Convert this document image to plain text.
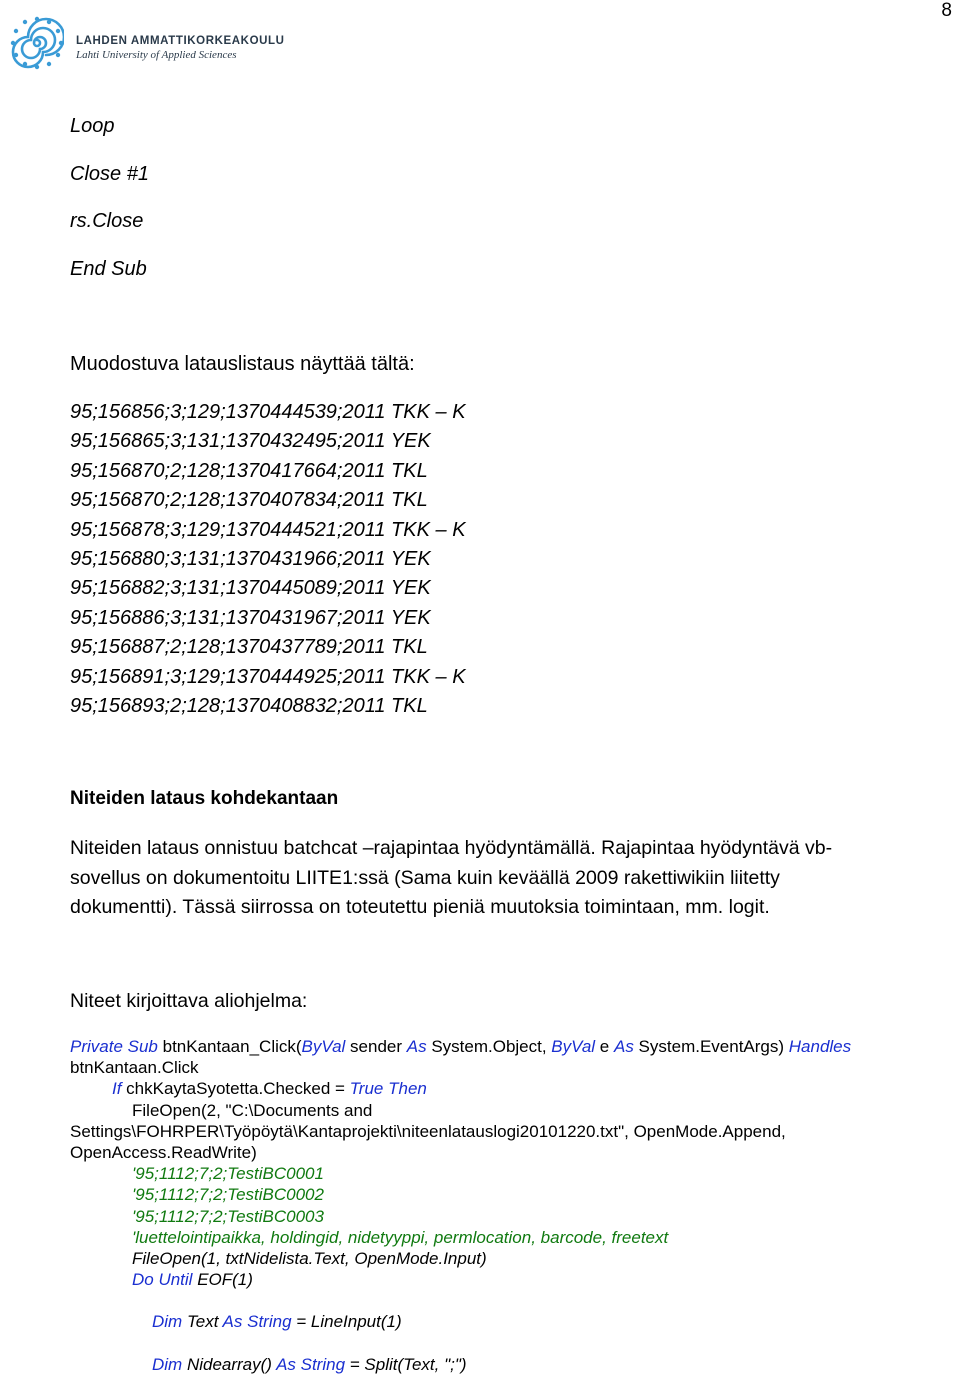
8
LAHDEN AMMATTIKORKEAKOULU
Lahti University of Applied Sciences
Loop
Close #1
rs.Close
End Sub
Muodostuva latauslistaus näyttää tältä:
95;156856;3;129;1370444539;2011 TKK – K
95;156865;3;131;1370432495;2011 YEK
95;156870;2;128;1370417664;2011 TKL
95;156870;2;128;1370407834;2011 TKL
95;156878;3;129;1370444521;2011 TKK – K
95;156880;3;131;1370431966;2011 YEK
95;156882;3;131;1370445089;2011 YEK
95;156886;3;131;1370431967;2011 YEK
95;156887;2;128;1370437789;2011 TKL
95;156891;3;129;1370444925;2011 TKK – K
95;156893;2;128;1370408832;2011 TKL
Niteiden lataus kohdekantaan

Niteiden lataus onnistuu batchcat –rajapintaa hyödyntämällä. Rajapintaa hyödyntävä vb-

sovellus on dokumentoitu LIITE1:ssä (Sama kuin keväällä 2009 rakettiwikiin liitetty

dokumentti). Tässä siirrossa on toteutettu pieniä muutoksia toimintaan, mm. logit.

Niteet kirjoittava aliohjelma:
Private Sub btnKantaan_Click(ByVal sender As System.Object, ByVal e As System.EventArgs) Handles
btnKantaan.Click
If chkKaytaSyotetta.Checked = True Then
FileOpen(2, "C:\Documents and
Settings\FOHRPER\Työpöytä\Kantaprojekti\niteenlatauslogi20101220.txt", OpenMode.Append,
OpenAccess.ReadWrite)
'95;1112;7;2;TestiBC0001
'95;1112;7;2;TestiBC0002
'95;1112;7;2;TestiBC0003
'luettelointipaikka, holdingid, nidetyyppi, permlocation, barcode, freetext
FileOpen(1, txtNidelista.Text, OpenMode.Input)
Do Until EOF(1)
Dim Text As String = LineInput(1)
Dim Nidearray() As String = Split(Text, ";")
